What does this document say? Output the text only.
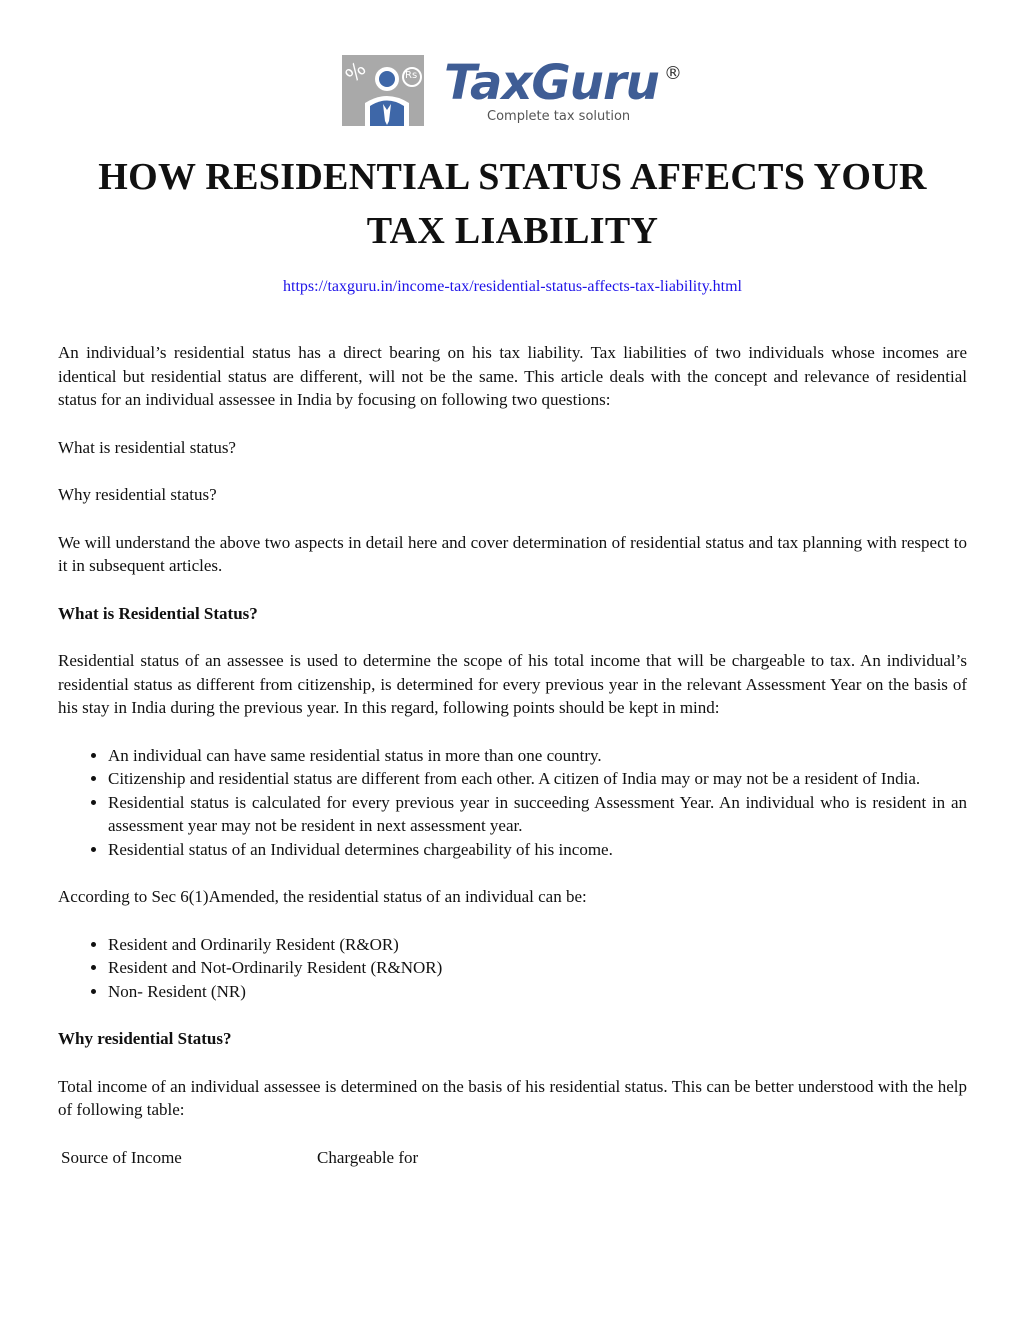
%	Rs TaxGuru ®
Complete tax solution
HOW RESIDENTIAL STATUS AFFECTS YOUR TAX LIABILITY
https://taxguru.in/income-tax/residential-status-affects-tax-liability.html

An individual’s residential status has a direct bearing on his tax liability. Tax liabilities of two individuals whose incomes are identical but residential status are different, will not be the same. This article deals with the concept and relevance of residential status for an individual assessee in India by focusing on following two questions:

What is residential status?

Why residential status?

We will understand the above two aspects in detail here and cover determination of residential status and tax planning with respect to it in subsequent articles.

What is Residential Status?

Residential status of an assessee is used to determine the scope of his total income that will be chargeable to tax. An individual’s residential status as different from citizenship, is determined for every previous year in the relevant Assessment Year on the basis of his stay in India during the previous year. In this regard, following points should be kept in mind:

• An individual can have same residential status in more than one country.
• Citizenship and residential status are different from each other. A citizen of India may or may not be a resident of India.
• Residential status is calculated for every previous year in succeeding Assessment Year. An individual who is resident in an assessment year may not be resident in next assessment year.
• Residential status of an Individual determines chargeability of his income.

According to Sec 6(1)Amended, the residential status of an individual can be:

• Resident and Ordinarily Resident (R&OR)
• Resident and Not-Ordinarily Resident (R&NOR)
• Non- Resident (NR)

Why residential Status?

Total income of an individual assessee is determined on the basis of his residential status. This can be better understood with the help of following table:

Source of Income	Chargeable for
